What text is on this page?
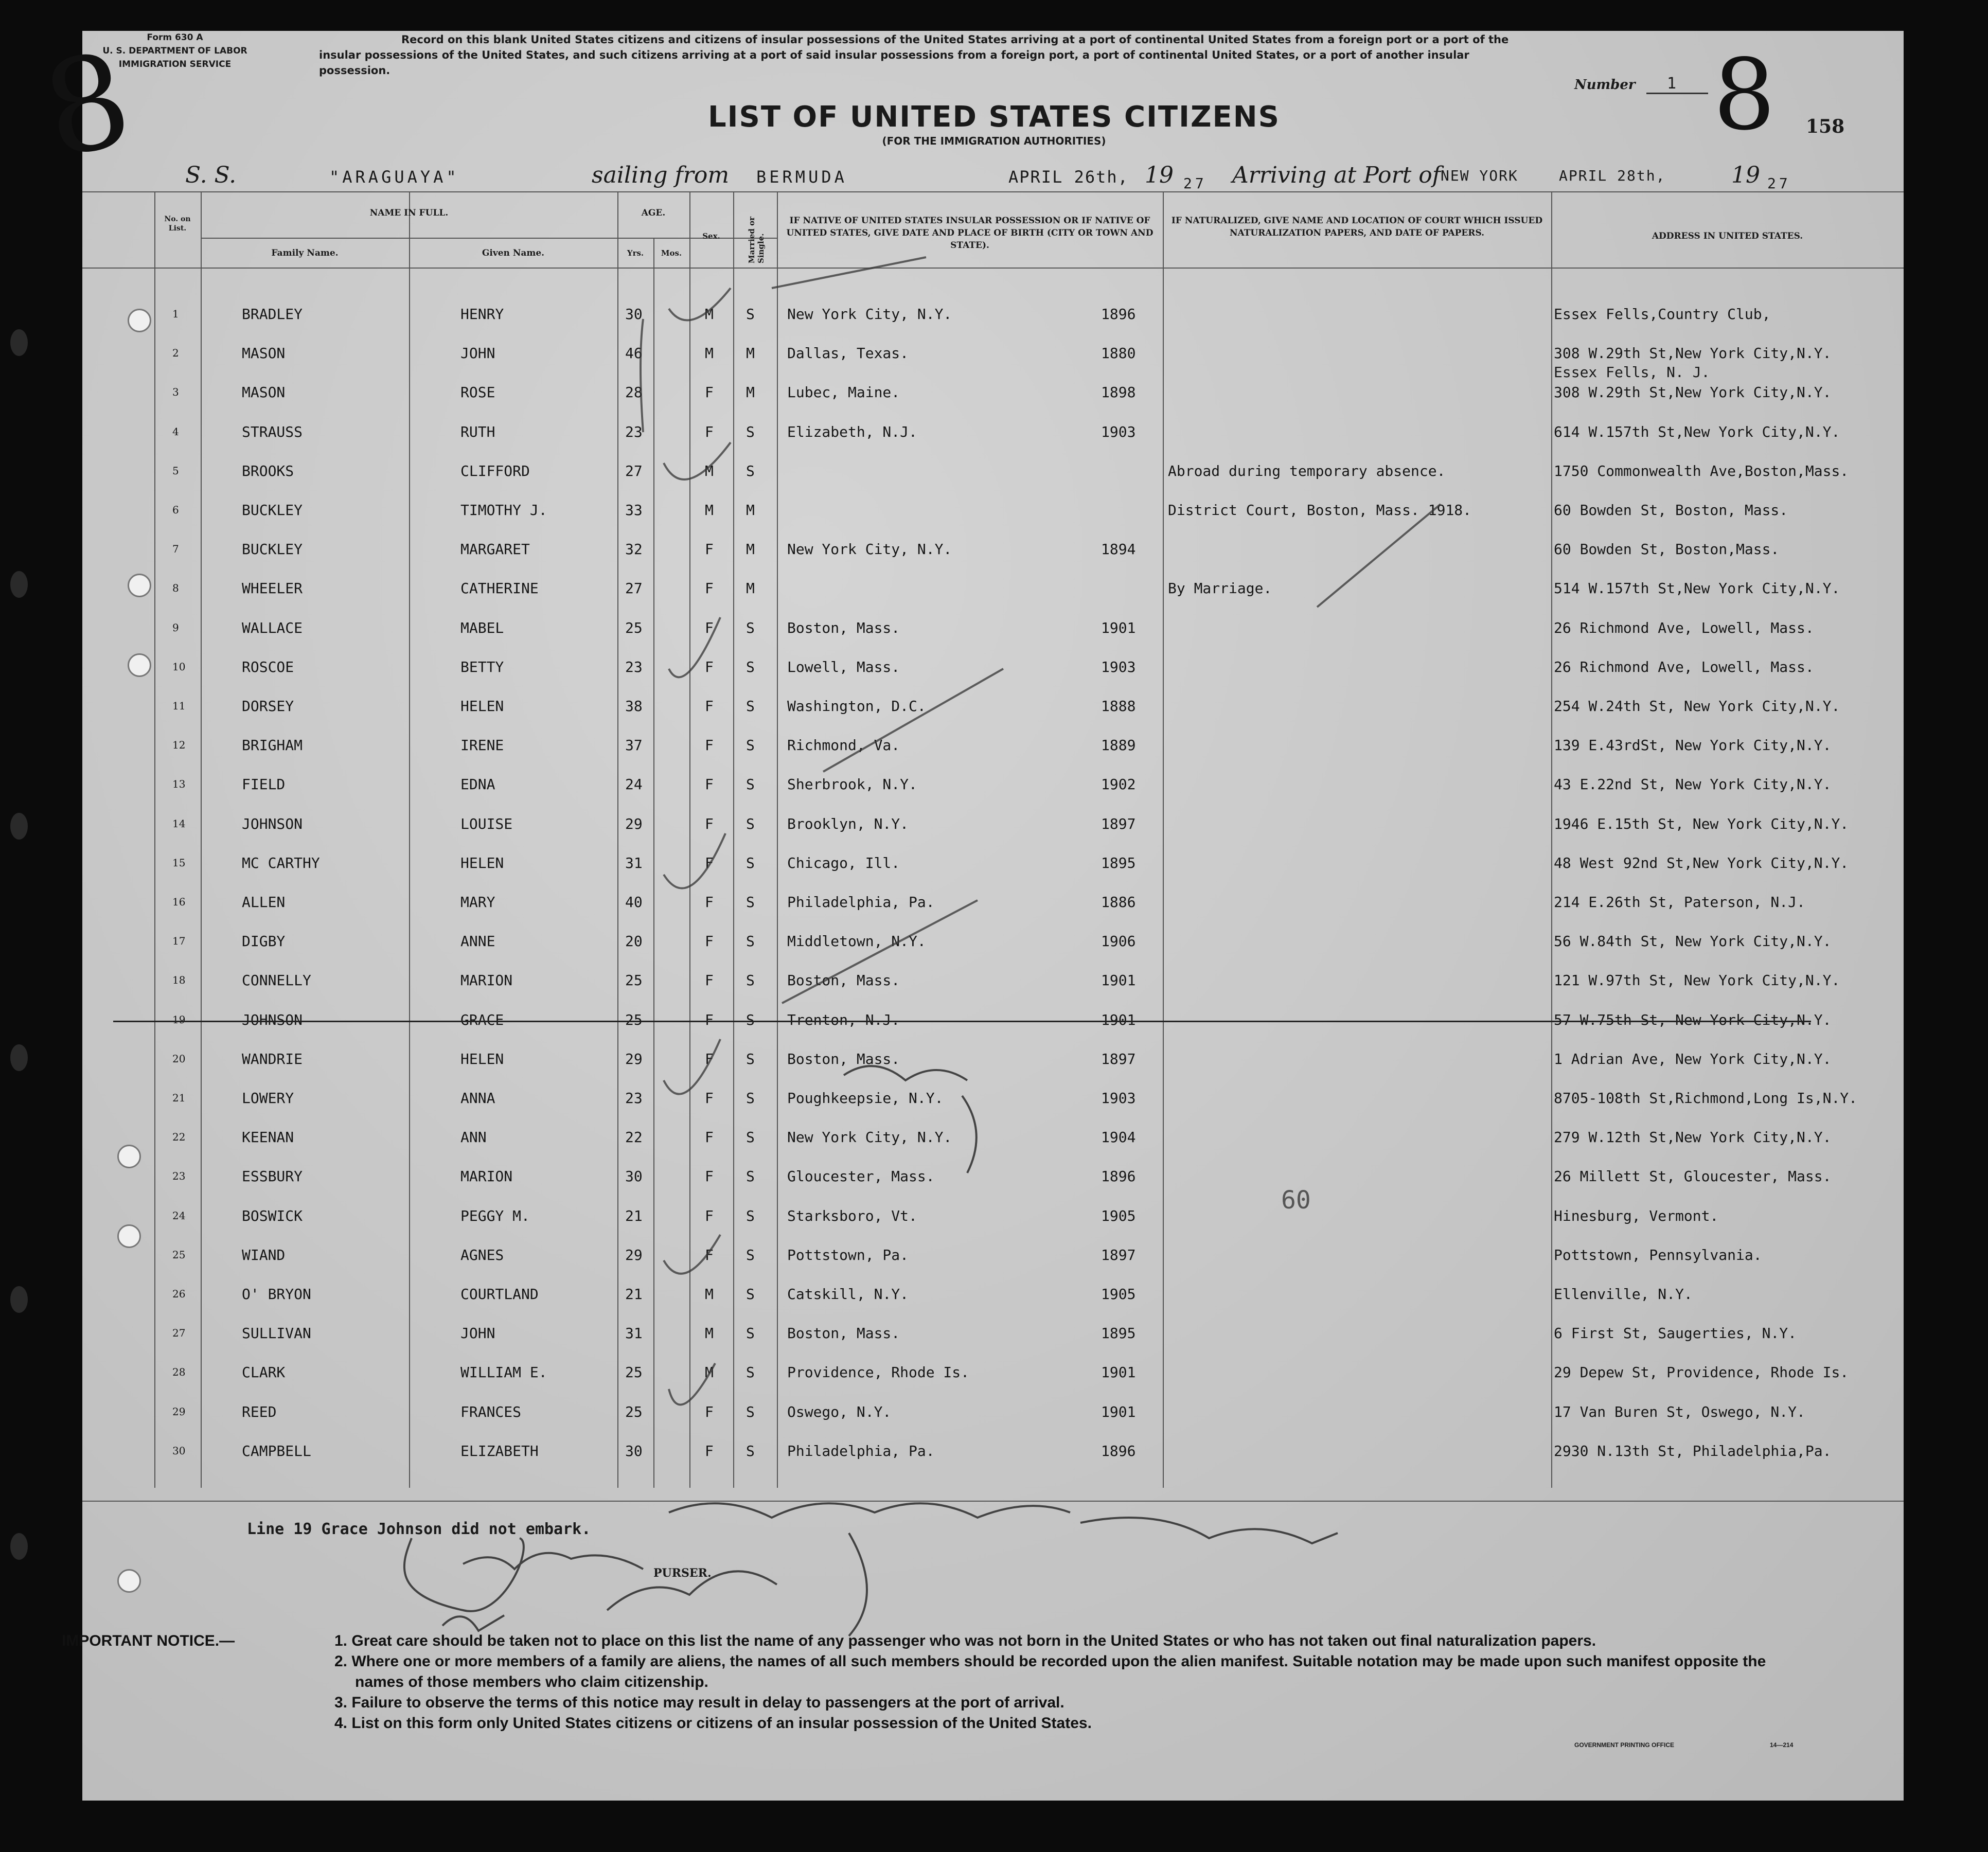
Form 630 A
U. S. DEPARTMENT OF LABOR
IMMIGRATION SERVICE
8	Record on this blank United States citizens and citizens of insular possessions of the United States arriving at a port of continental United States from a foreign port or a port of the insular possessions of the United States, and such citizens arriving at a port of said insular possessions from a foreign port, a port of continental United States, or a port of another insular possession.
LIST OF UNITED STATES CITIZENS
(FOR THE IMMIGRATION AUTHORITIES)
Number 1 8 158
S. S.	"ARAGUAYA"	sailing from BERMUDA	APRIL 26th, 19 27 Arriving at Port of NEW YORK	APRIL 28th,	19 27
No. on List.
NAME IN FULL.
Family Name.	Given Name.
AGE.
Yrs.	Mos.
Sex.	Married or Single.
IF NATIVE OF UNITED STATES INSULAR POSSESSION OR IF NATIVE OF UNITED STATES, GIVE DATE AND PLACE OF BIRTH (CITY OR TOWN AND STATE).
IF NATURALIZED, GIVE NAME AND LOCATION OF COURT WHICH ISSUED NATURALIZATION PAPERS, AND DATE OF PAPERS.	ADDRESS IN UNITED STATES.
1	BRADLEY	HENRY	30	M S New York City, N.Y.	1896	Essex Fells,Country Club,
2	MASON	JOHN	46	M M Dallas, Texas.	1880	308 W.29th St,New York City,N.Y.
3	MASON	ROSE	28	F M Lubec, Maine.	1898	308 W.29th St,New York City,N.Y.
4	STRAUSS	RUTH	23	F S Elizabeth, N.J.	1903	614 W.157th St,New York City,N.Y.
5	BROOKS	CLIFFORD	27	M S	Abroad during temporary absence.	1750 Commonwealth Ave,Boston,Mass.
6	BUCKLEY	TIMOTHY J.	33	M M	District Court, Boston, Mass. 1918.	60 Bowden St, Boston, Mass.
7	BUCKLEY	MARGARET	32	F M New York City, N.Y.	1894	60 Bowden St, Boston,Mass.
8	WHEELER	CATHERINE	27	F M	By Marriage.	514 W.157th St,New York City,N.Y.
9	WALLACE	MABEL	25	F S Boston, Mass.	1901	26 Richmond Ave, Lowell, Mass.
10	ROSCOE	BETTY	23	F S Lowell, Mass.	1903	26 Richmond Ave, Lowell, Mass.
11	DORSEY	HELEN	38	F S Washington, D.C.	1888	254 W.24th St, New York City,N.Y.
12	BRIGHAM	IRENE	37	F S Richmond, Va.	1889	139 E.43rdSt, New York City,N.Y.
13	FIELD	EDNA	24	F S Sherbrook, N.Y.	1902	43 E.22nd St, New York City,N.Y.
14	JOHNSON	LOUISE	29	F S Brooklyn, N.Y.	1897	1946 E.15th St, New York City,N.Y.
15	MC CARTHY	HELEN	31	F S Chicago, Ill.	1895	48 West 92nd St,New York City,N.Y.
16	ALLEN	MARY	40	F S Philadelphia, Pa.	1886	214 E.26th St, Paterson, N.J.
17	DIGBY	ANNE	20	F S Middletown, N.Y.	1906	56 W.84th St, New York City,N.Y.
18	CONNELLY	MARION	25	F S Boston, Mass.	1901	121 W.97th St, New York City,N.Y.
19	JOHNSON	GRACE	25	F S Trenton, N.J.	1901	57 W.75th St, New York City,N.Y.
20	WANDRIE	HELEN	29	F S Boston, Mass.	1897	1 Adrian Ave, New York City,N.Y.
21	LOWERY	ANNA	23	F S Poughkeepsie, N.Y.	1903	8705-108th St,Richmond,Long Is,N.Y.
22	KEENAN	ANN	22	F S New York City, N.Y.	1904	279 W.12th St,New York City,N.Y.
23	ESSBURY	MARION	30	F S Gloucester, Mass.	1896	26 Millett St, Gloucester, Mass.
24	BOSWICK	PEGGY M.	21	F S Starksboro, Vt.	1905	Hinesburg, Vermont.
25	WIAND	AGNES	29	F S Pottstown, Pa.	1897	Pottstown, Pennsylvania.
26	O' BRYON	COURTLAND	21	M S Catskill, N.Y.	1905	Ellenville, N.Y.
27	SULLIVAN	JOHN	31	M S Boston, Mass.	1895	6 First St, Saugerties, N.Y.
28	CLARK	WILLIAM E.	25	M S Providence, Rhode Is.	1901	29 Depew St, Providence, Rhode Is.
29	REED	FRANCES	25	F S Oswego, N.Y.	1901	17 Van Buren St, Oswego, N.Y.
30	CAMPBELL	ELIZABETH	30	F S Philadelphia, Pa.	1896	2930 N.13th St, Philadelphia,Pa.
Essex Fells, N. J.
60
Line 19 Grace Johnson did not embark.
PURSER.
IMPORTANT NOTICE.—	1. Great care should be taken not to place on this list the name of any passenger who was not born in the United States or who has not taken out final naturalization papers.
2. Where one or more members of a family are aliens, the names of all such members should be recorded upon the alien manifest. Suitable notation may be made upon such manifest opposite the names of those members who claim citizenship.
3. Failure to observe the terms of this notice may result in delay to passengers at the port of arrival.
4. List on this form only United States citizens or citizens of an insular possession of the United States.
GOVERNMENT PRINTING OFFICE	14—214
